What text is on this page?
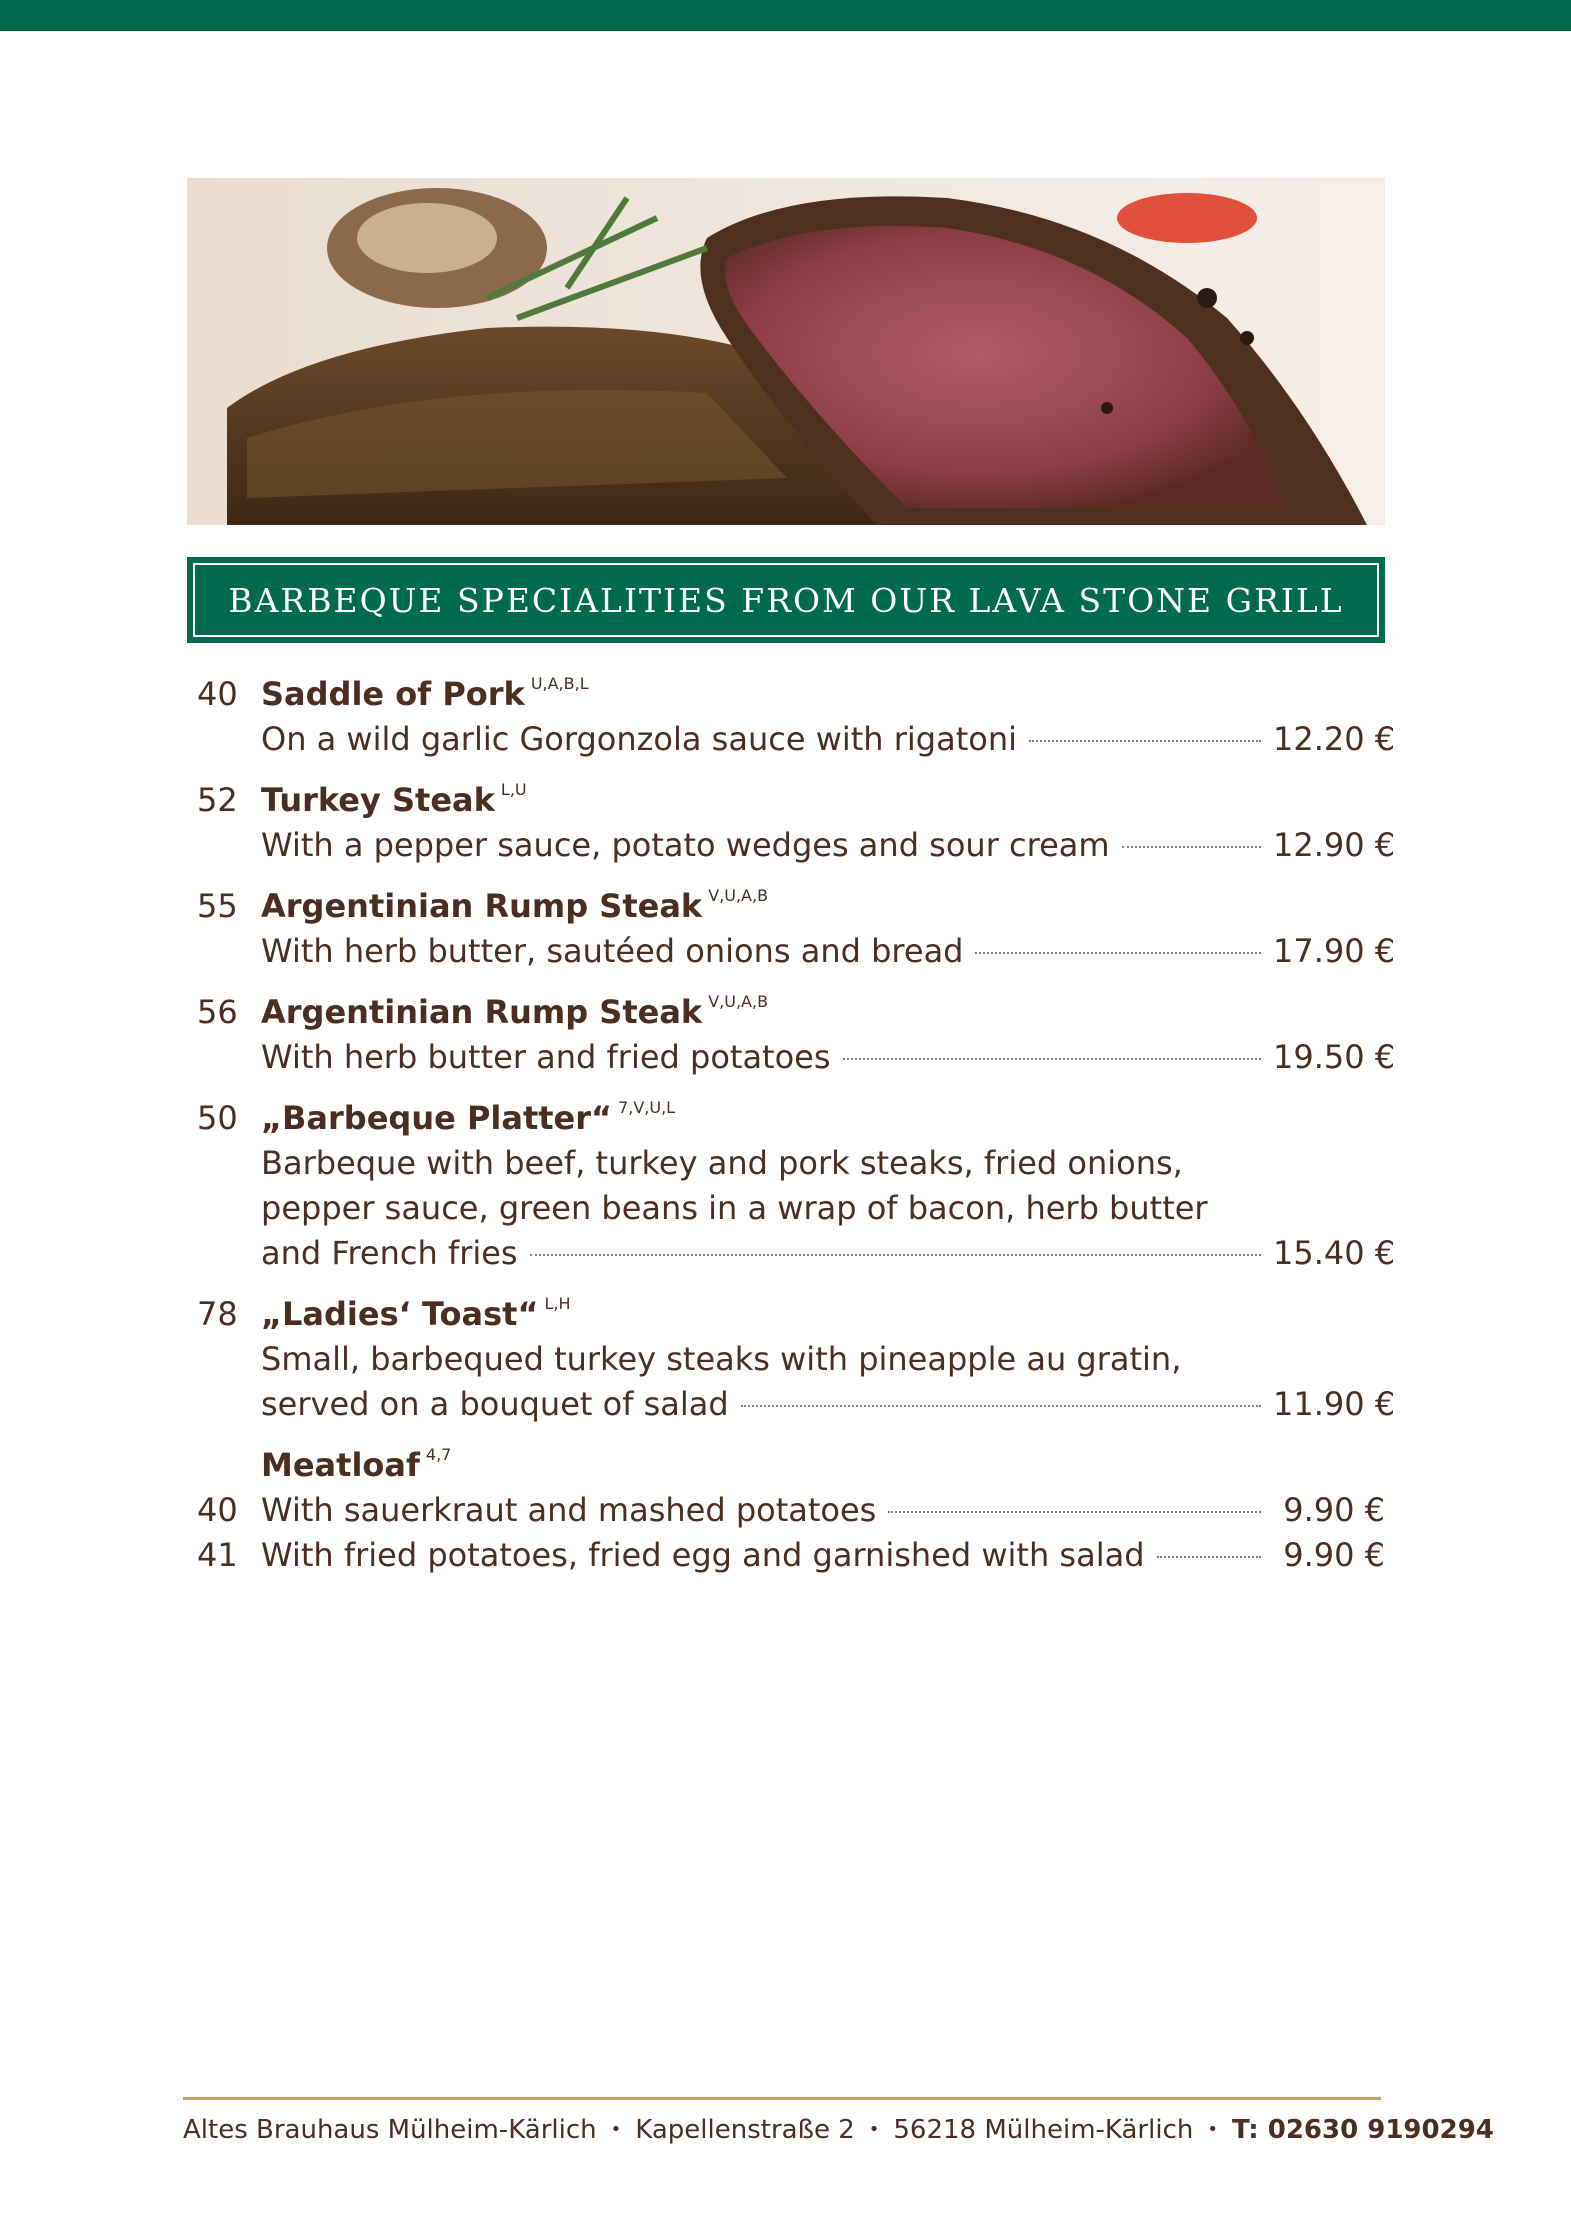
BARBEQUE SPECIALITIES FROM OUR LAVA STONE GRILL
40 Saddle of Pork $^{U,A,B,L}$
On a wild garlic Gorgonzola sauce with rigatoni	12.20 €
52 Turkey Steak $^{L,U}$
With a pepper sauce, potato wedges and sour cream	12.90 €
55 Argentinian Rump Steak $^{V,U,A,B}$
With herb butter, sautéed onions and bread	17.90 €
56 Argentinian Rump Steak $^{V,U,A,B}$
With herb butter and fried potatoes	19.50 €
50 „Barbeque Platter“ $^{7,V,U,L}$
Barbeque with beef, turkey and pork steaks, fried onions,
pepper sauce, green beans in a wrap of bacon, herb butter
and French fries	15.40 €
78 „Ladies‘ Toast“ $^{L,H}$
Small, barbequed turkey steaks with pineapple au gratin,
served on a bouquet of salad	11.90 €
Meatloaf $^{4,7}$
40 With sauerkraut and mashed potatoes	9.90 €
41 With fried potatoes, fried egg and garnished with salad	9.90 €
Altes Brauhaus Mülheim-Kärlich • Kapellenstraße 2 • 56218 Mülheim-Kärlich • T: 02630 9190294
